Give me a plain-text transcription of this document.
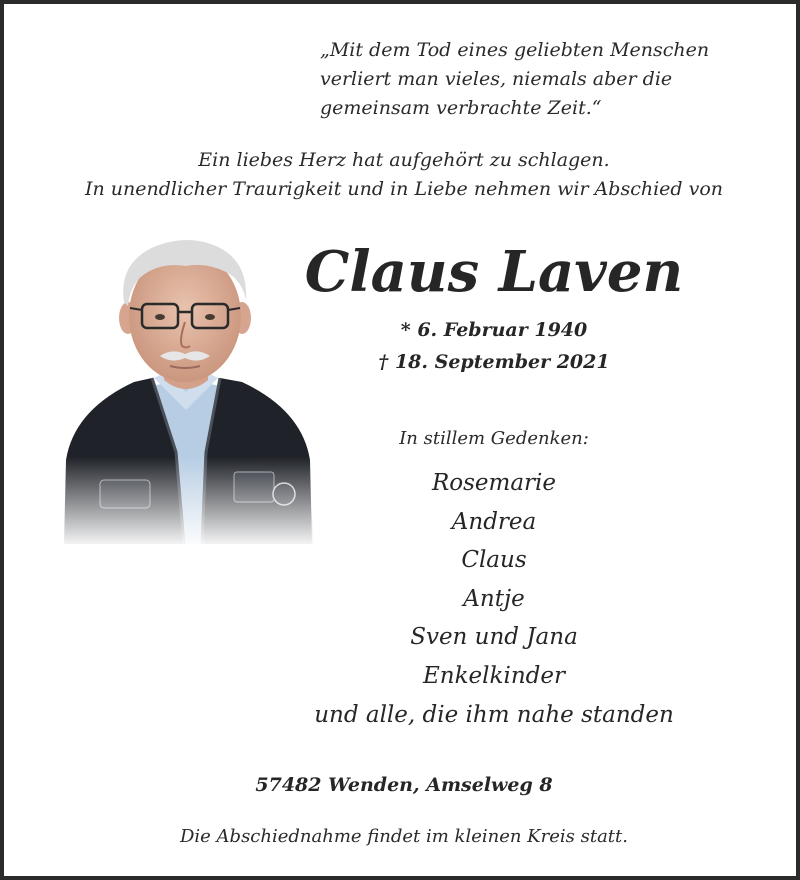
„Mit dem Tod eines geliebten Menschen
verliert man vieles, niemals aber die
gemeinsam verbrachte Zeit.“
Ein liebes Herz hat aufgehört zu schlagen.
In unendlicher Traurigkeit und in Liebe nehmen wir Abschied von
Claus Laven
* 6. Februar 1940
† 18. September 2021
In stillem Gedenken:
Rosemarie
Andrea
Claus
Antje
Sven und Jana
Enkelkinder
und alle, die ihm nahe standen
57482 Wenden, Amselweg 8
Die Abschiednahme findet im kleinen Kreis statt.
